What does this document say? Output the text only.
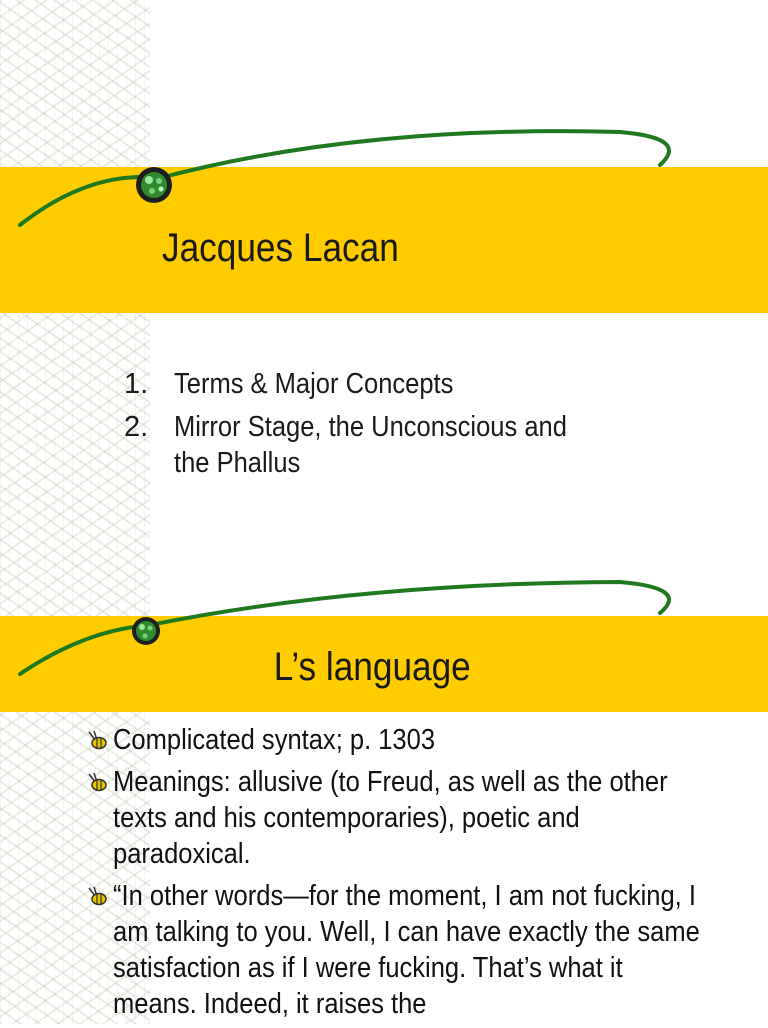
Jacques Lacan
1. Terms & Major Concepts
2. Mirror Stage, the Unconscious and the Phallus
L’s language
Complicated syntax; p. 1303
Meanings: allusive (to Freud, as well as the other texts and his contemporaries), poetic and paradoxical.
“In other words—for the moment, I am not fucking, I am talking to you. Well, I can have exactly the same satisfaction as if I were fucking. That’s what it means. Indeed, it raises the
